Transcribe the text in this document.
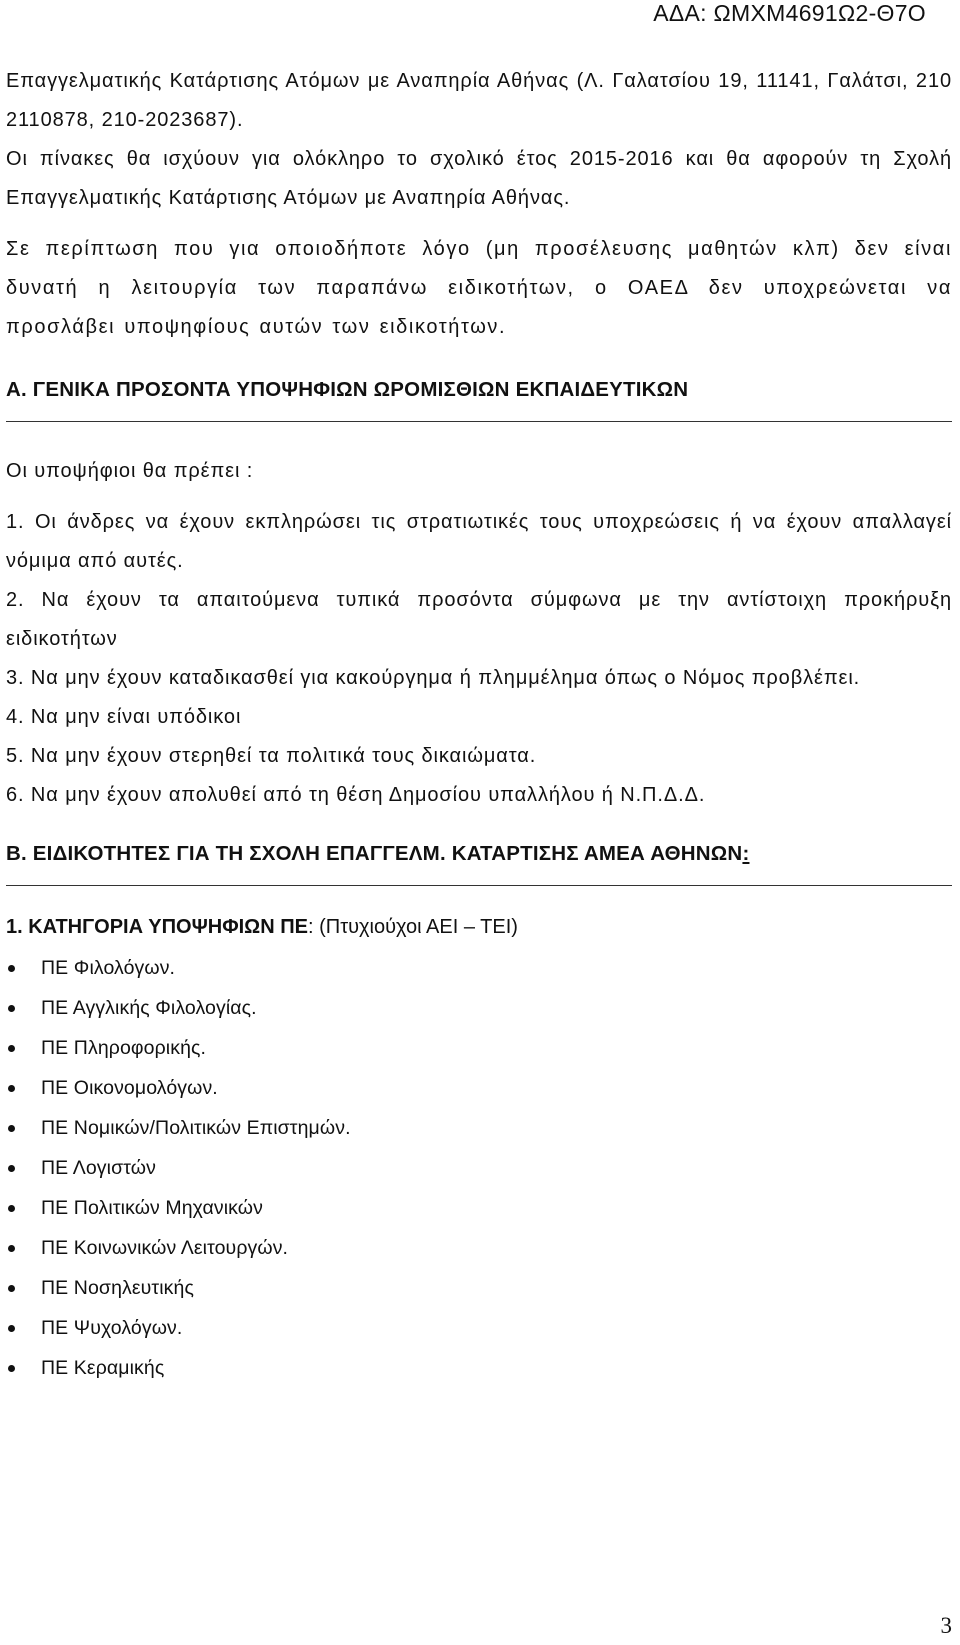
ΑΔΑ: ΩΜΧΜ4691Ω2-Θ7Ο

Επαγγελματικής Κατάρτισης Ατόμων με Αναπηρία Αθήνας (Λ. Γαλατσίου 19, 11141, Γαλάτσι, 210 2110878, 210-2023687).

Οι πίνακες θα ισχύουν για ολόκληρο το σχολικό έτος 2015-2016 και θα αφορούν τη Σχολή Επαγγελματικής Κατάρτισης Ατόμων με Αναπηρία Αθήνας.

Σε περίπτωση που για οποιοδήποτε λόγο (μη προσέλευσης μαθητών κλπ) δεν είναι δυνατή η λειτουργία των παραπάνω ειδικοτήτων, ο ΟΑΕΔ δεν υποχρεώνεται να προσλάβει υποψηφίους αυτών των ειδικοτήτων.

Α. ΓΕΝΙΚΑ ΠΡΟΣΟΝΤΑ ΥΠΟΨΗΦΙΩΝ ΩΡΟΜΙΣΘΙΩΝ ΕΚΠΑΙΔΕΥΤΙΚΩΝ

Οι υποψήφιοι θα πρέπει :

1. Οι άνδρες να έχουν εκπληρώσει τις στρατιωτικές τους υποχρεώσεις ή να έχουν απαλλαγεί νόμιμα από αυτές.

2. Να έχουν τα απαιτούμενα τυπικά προσόντα σύμφωνα με την αντίστοιχη προκήρυξη ειδικοτήτων

3. Να μην έχουν καταδικασθεί για κακούργημα ή πλημμέλημα όπως ο Νόμος προβλέπει.

4. Να μην είναι υπόδικοι

5. Να μην έχουν στερηθεί τα πολιτικά τους δικαιώματα.

6. Να μην έχουν απολυθεί από τη θέση Δημοσίου υπαλλήλου ή Ν.Π.Δ.Δ.

Β. ΕΙΔΙΚΟΤΗΤΕΣ ΓΙΑ ΤΗ ΣΧΟΛΗ ΕΠΑΓΓΕΛΜ. ΚΑΤΑΡΤΙΣΗΣ ΑΜΕΑ ΑΘΗΝΩΝ:

1. ΚΑΤΗΓΟΡΙΑ ΥΠΟΨΗΦΙΩΝ ΠΕ: (Πτυχιούχοι ΑΕΙ – ΤΕΙ)

ΠΕ Φιλολόγων.
ΠΕ Αγγλικής Φιλολογίας.
ΠΕ Πληροφορικής.
ΠΕ Οικονομολόγων.
ΠΕ Νομικών/Πολιτικών Επιστημών.
ΠΕ Λογιστών
ΠΕ Πολιτικών Μηχανικών
ΠΕ Κοινωνικών Λειτουργών.
ΠΕ Νοσηλευτικής
ΠΕ Ψυχολόγων.
ΠΕ Κεραμικής
3
